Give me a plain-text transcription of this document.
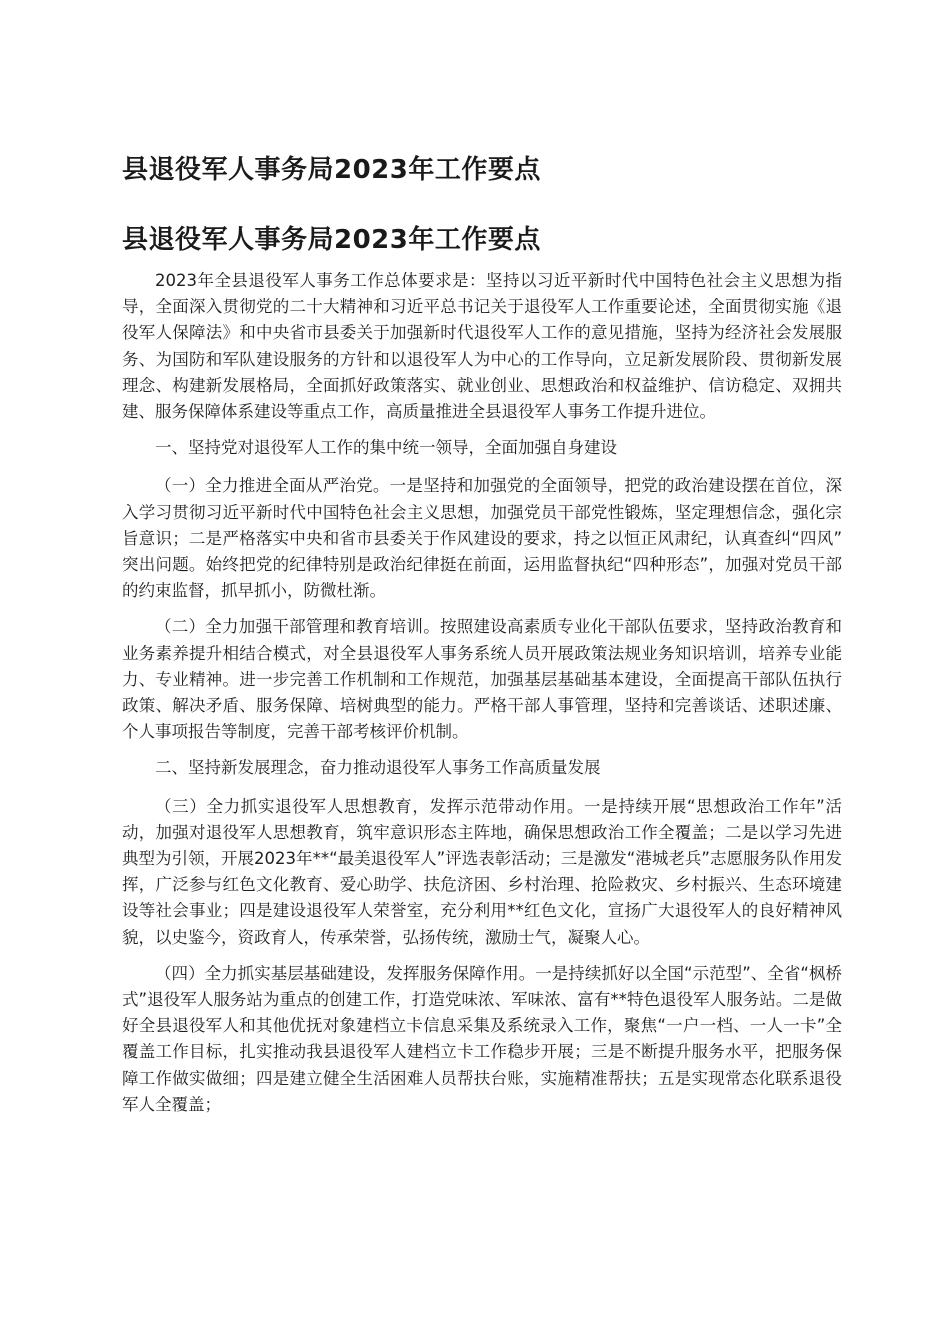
县退役军人事务局2023年工作要点
县退役军人事务局2023年工作要点

2023年全县退役军人事务工作总体要求是：坚持以习近平新时代中国特色社会主义思想为指导，全面深入贯彻党的二十大精神和习近平总书记关于退役军人工作重要论述，全面贯彻实施《退役军人保障法》和中央省市县委关于加强新时代退役军人工作的意见措施，坚持为经济社会发展服务、为国防和军队建设服务的方针和以退役军人为中心的工作导向，立足新发展阶段、贯彻新发展理念、构建新发展格局，全面抓好政策落实、就业创业、思想政治和权益维护、信访稳定、双拥共建、服务保障体系建设等重点工作，高质量推进全县退役军人事务工作提升进位。

一、坚持党对退役军人工作的集中统一领导，全面加强自身建设

（一）全力推进全面从严治党。一是坚持和加强党的全面领导，把党的政治建设摆在首位，深入学习贯彻习近平新时代中国特色社会主义思想，加强党员干部党性锻炼，坚定理想信念，强化宗旨意识；二是严格落实中央和省市县委关于作风建设的要求，持之以恒正风肃纪，认真查纠“四风” 突出问题。始终把党的纪律特别是政治纪律挺在前面，运用监督执纪“四种形态”，加强对党员干部的约束监督，抓早抓小，防微杜渐。

（二）全力加强干部管理和教育培训。按照建设高素质专业化干部队伍要求，坚持政治教育和业务素养提升相结合模式，对全县退役军人事务系统人员开展政策法规业务知识培训，培养专业能力、专业精神。进一步完善工作机制和工作规范，加强基层基础基本建设，全面提高干部队伍执行政策、解决矛盾、服务保障、培树典型的能力。严格干部人事管理，坚持和完善谈话、述职述廉、个人事项报告等制度，完善干部考核评价机制。

二、坚持新发展理念，奋力推动退役军人事务工作高质量发展

（三）全力抓实退役军人思想教育，发挥示范带动作用。一是持续开展“思想政治工作年”活动，加强对退役军人思想教育，筑牢意识形态主阵地，确保思想政治工作全覆盖；二是以学习先进典型为引领，开展2023年**“最美退役军人”评选表彰活动；三是激发“港城老兵”志愿服务队作用发挥，广泛参与红色文化教育、爱心助学、扶危济困、乡村治理、抢险救灾、乡村振兴、生态环境建设等社会事业；四是建设退役军人荣誉室，充分利用**红色文化，宣扬广大退役军人的良好精神风貌，以史鉴今，资政育人，传承荣誉，弘扬传统，激励士气，凝聚人心。

（四）全力抓实基层基础建设，发挥服务保障作用。一是持续抓好以全国“示范型”、全省“枫桥式”退役军人服务站为重点的创建工作，打造党味浓、军味浓、富有**特色退役军人服务站。二是做好全县退役军人和其他优抚对象建档立卡信息采集及系统录入工作，聚焦“一户一档、一人一卡”全覆盖工作目标，扎实推动我县退役军人建档立卡工作稳步开展；三是不断提升服务水平，把服务保障工作做实做细；四是建立健全生活困难人员帮扶台账，实施精准帮扶；五是实现常态化联系退役军人全覆盖；
